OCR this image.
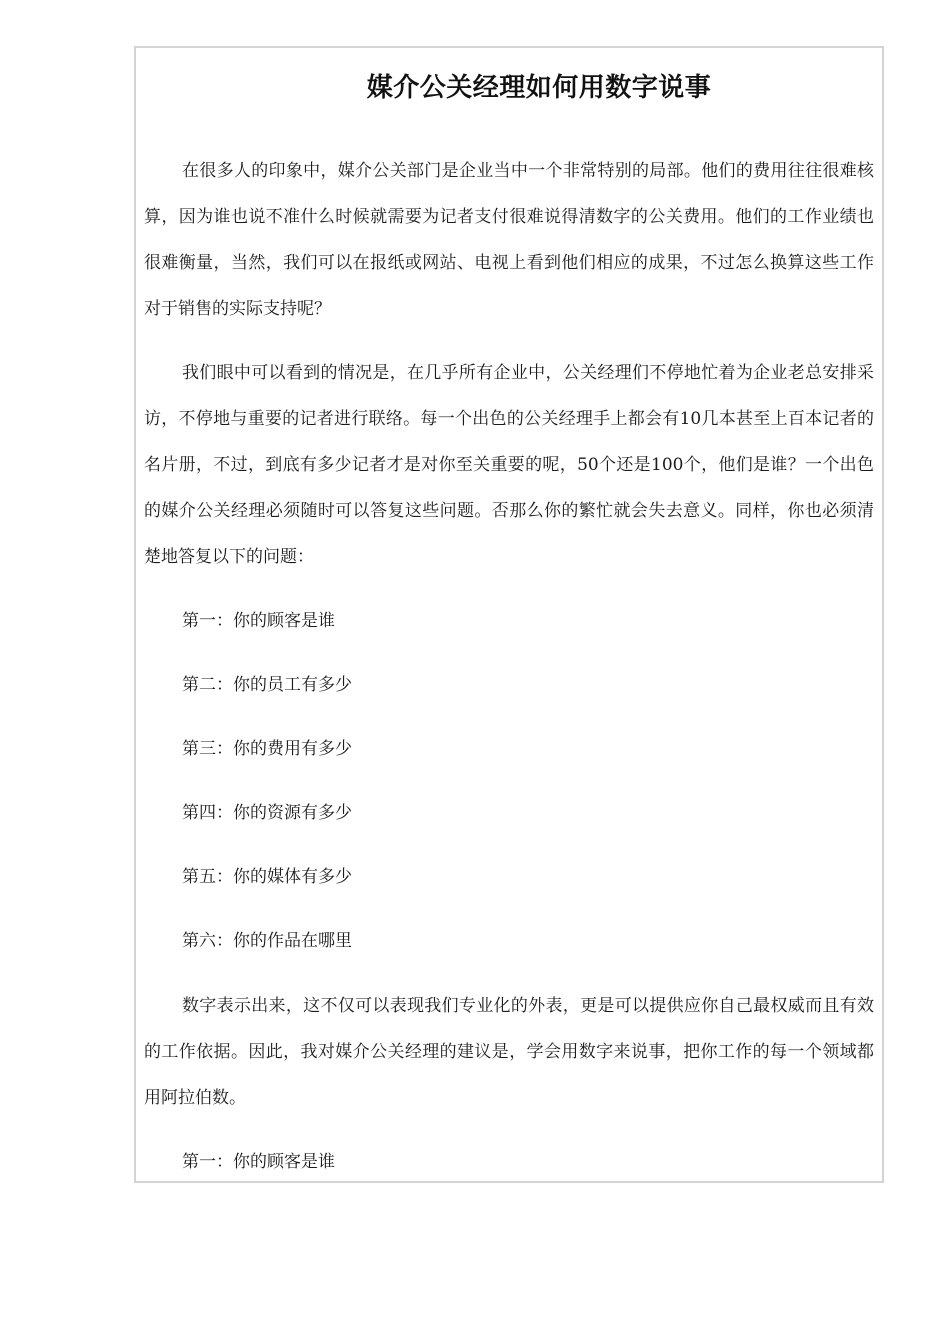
媒介公关经理如何用数字说事

在很多人的印象中，媒介公关部门是企业当中一个非常特别的局部。他们的费用往往很难核算，因为谁也说不准什么时候就需要为记者支付很难说得清数字的公关费用。他们的工作业绩也很难衡量，当然，我们可以在报纸或网站、电视上看到他们相应的成果，不过怎么换算这些工作对于销售的实际支持呢？

我们眼中可以看到的情况是，在几乎所有企业中，公关经理们不停地忙着为企业老总安排采访，不停地与重要的记者进行联络。每一个出色的公关经理手上都会有10几本甚至上百本记者的名片册，不过，到底有多少记者才是对你至关重要的呢，50个还是100个，他们是谁？一个出色的媒介公关经理必须随时可以答复这些问题。否那么你的繁忙就会失去意义。同样，你也必须清楚地答复以下的问题：

第一：你的顾客是谁

第二：你的员工有多少

第三：你的费用有多少

第四：你的资源有多少

第五：你的媒体有多少

第六：你的作品在哪里

数字表示出来，这不仅可以表现我们专业化的外表，更是可以提供应你自己最权威而且有效的工作依据。因此，我对媒介公关经理的建议是，学会用数字来说事，把你工作的每一个领域都用阿拉伯数。

第一：你的顾客是谁
